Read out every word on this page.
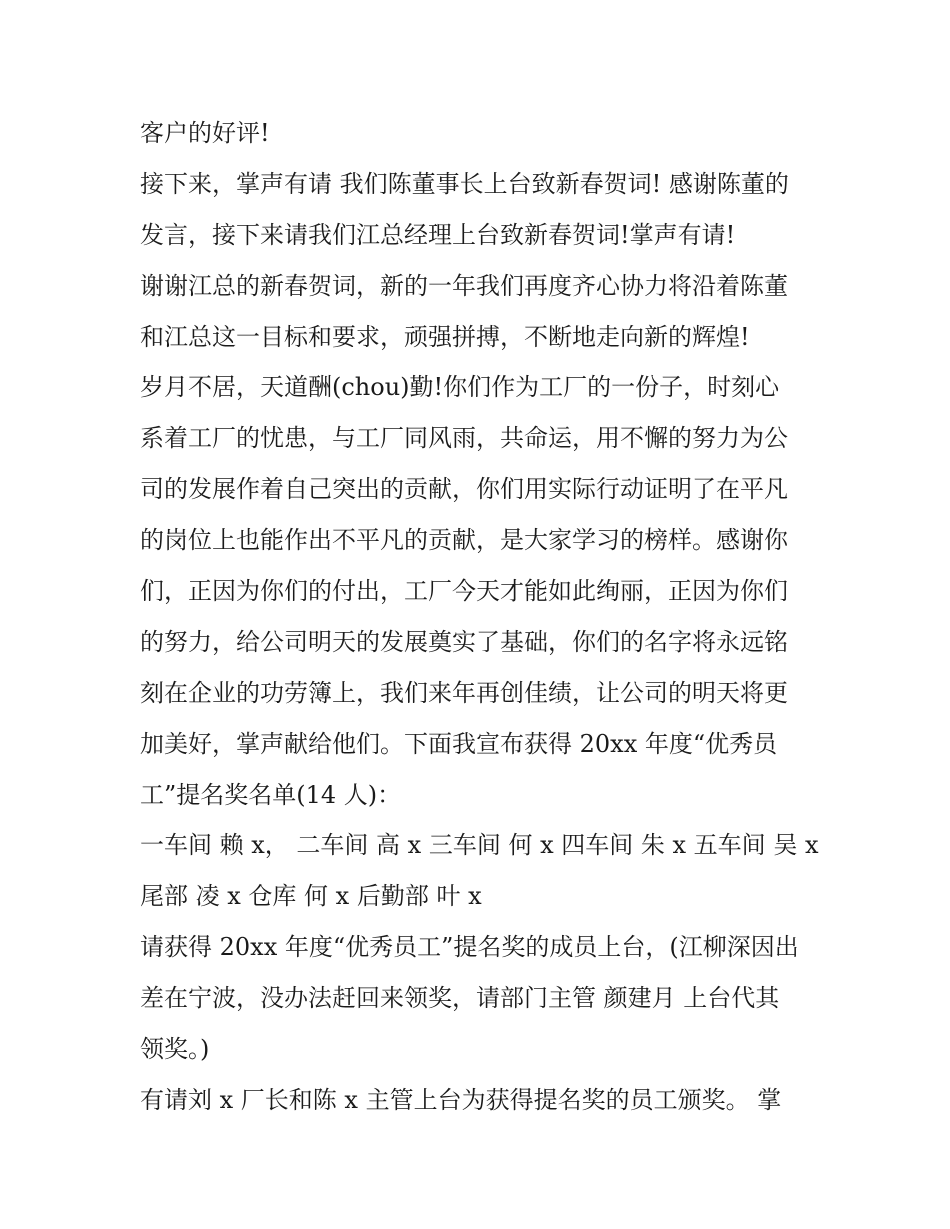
客户的好评!
接下来，掌声有请 我们陈董事长上台致新春贺词! 感谢陈董的
发言，接下来请我们江总经理上台致新春贺词!掌声有请!
谢谢江总的新春贺词，新的一年我们再度齐心协力将沿着陈董
和江总这一目标和要求，顽强拼搏，不断地走向新的辉煌!
岁月不居，天道酬(chou)勤!你们作为工厂的一份子，时刻心
系着工厂的忧患，与工厂同风雨，共命运，用不懈的努力为公
司的发展作着自己突出的贡献，你们用实际行动证明了在平凡
的岗位上也能作出不平凡的贡献，是大家学习的榜样。感谢你
们，正因为你们的付出，工厂今天才能如此绚丽，正因为你们
的努力，给公司明天的发展奠实了基础，你们的名字将永远铭
刻在企业的功劳簿上，我们来年再创佳绩，让公司的明天将更
加美好，掌声献给他们。下面我宣布获得 20xx 年度“优秀员
工”提名奖名单(14 人)：
一车间 赖 x， 二车间 高 x 三车间 何 x 四车间 朱 x 五车间 吴 x
尾部 凌 x 仓库 何 x 后勤部 叶 x
请获得 20xx 年度“优秀员工”提名奖的成员上台，(江柳深因出
差在宁波，没办法赶回来领奖，请部门主管 颜建月 上台代其
领奖。)
有请刘 x 厂长和陈 x 主管上台为获得提名奖的员工颁奖。 掌
